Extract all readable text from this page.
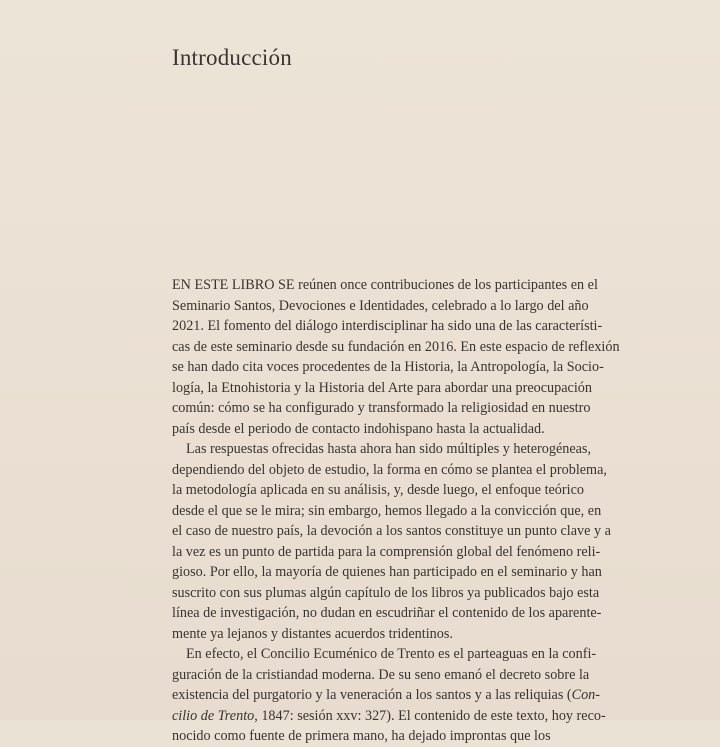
Introducción
EN ESTE LIBRO SE reúnen once contribuciones de los participantes en el
Seminario Santos, Devociones e Identidades, celebrado a lo largo del año
2021. El fomento del diálogo interdisciplinar ha sido una de las característi-
cas de este seminario desde su fundación en 2016. En este espacio de reflexión
se han dado cita voces procedentes de la Historia, la Antropología, la Socio-
logía, la Etnohistoria y la Historia del Arte para abordar una preocupación
común: cómo se ha configurado y transformado la religiosidad en nuestro
país desde el periodo de contacto indohispano hasta la actualidad.
Las respuestas ofrecidas hasta ahora han sido múltiples y heterogéneas,
dependiendo del objeto de estudio, la forma en cómo se plantea el problema,
la metodología aplicada en su análisis, y, desde luego, el enfoque teórico
desde el que se le mira; sin embargo, hemos llegado a la convicción que, en
el caso de nuestro país, la devoción a los santos constituye un punto clave y a
la vez es un punto de partida para la comprensión global del fenómeno reli-
gioso. Por ello, la mayoría de quienes han participado en el seminario y han
suscrito con sus plumas algún capítulo de los libros ya publicados bajo esta
línea de investigación, no dudan en escudriñar el contenido de los aparente-
mente ya lejanos y distantes acuerdos tridentinos.
En efecto, el Concilio Ecuménico de Trento es el parteaguas en la confi-
guración de la cristiandad moderna. De su seno emanó el decreto sobre la
existencia del purgatorio y la veneración a los santos y a las reliquias (Con-
cilio de Trento, 1847: sesión xxv: 327). El contenido de este texto, hoy reco-
nocido como fuente de primera mano, ha dejado improntas que los
